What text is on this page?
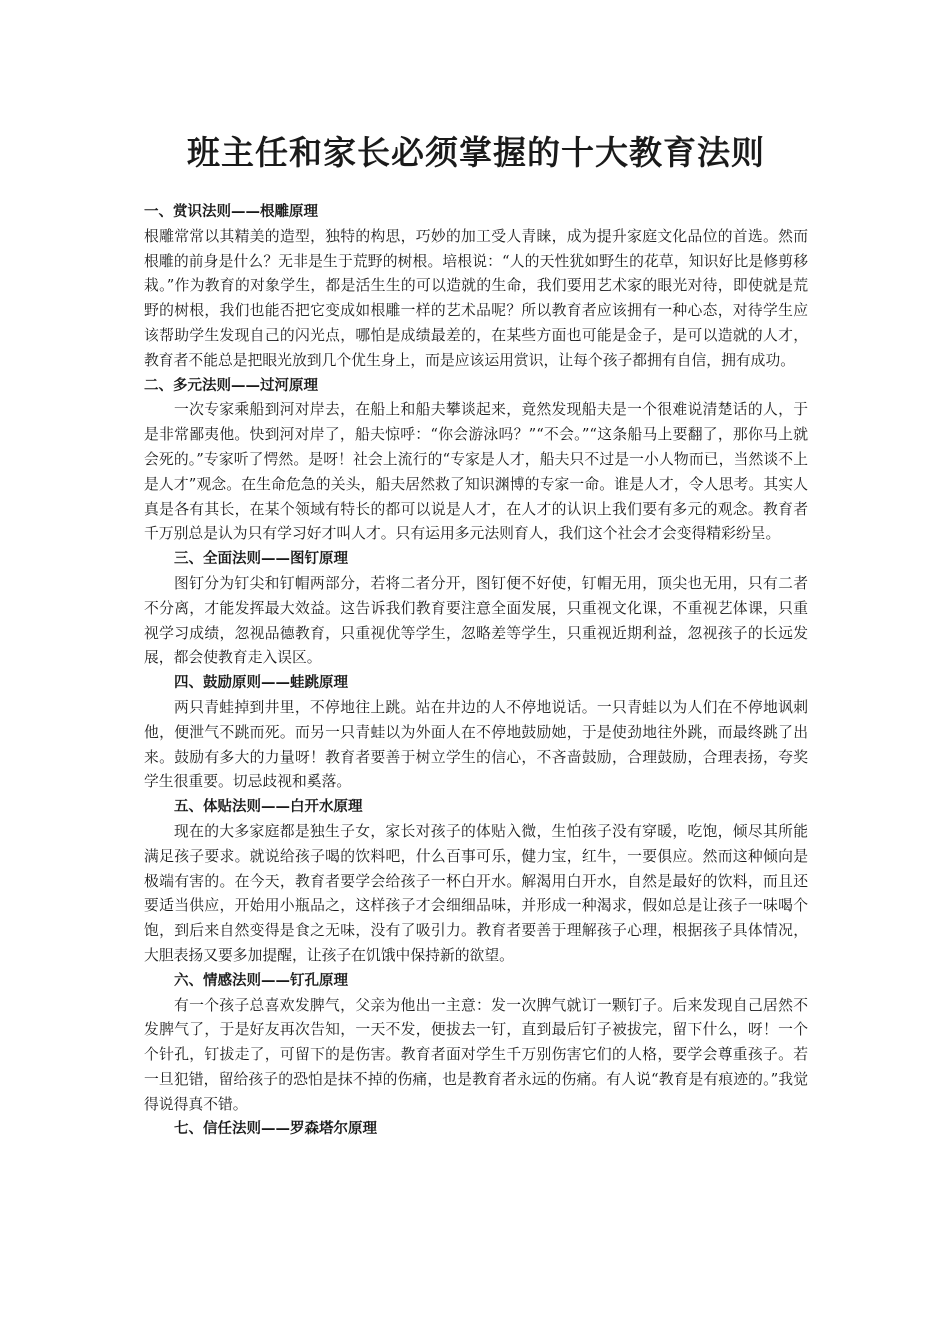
班主任和家长必须掌握的十大教育法则

一、赏识法则——根雕原理

根雕常常以其精美的造型，独特的构思，巧妙的加工受人青睐，成为提升家庭文化品位的首选。然而根雕的前身是什么？无非是生于荒野的树根。培根说：“人的天性犹如野生的花草，知识好比是修剪移栽。”作为教育的对象学生，都是活生生的可以造就的生命，我们要用艺术家的眼光对待，即使就是荒野的树根，我们也能否把它变成如根雕一样的艺术品呢？所以教育者应该拥有一种心态，对待学生应该帮助学生发现自己的闪光点，哪怕是成绩最差的，在某些方面也可能是金子，是可以造就的人才，教育者不能总是把眼光放到几个优生身上，而是应该运用赏识，让每个孩子都拥有自信，拥有成功。

二、多元法则——过河原理

一次专家乘船到河对岸去，在船上和船夫攀谈起来，竟然发现船夫是一个很难说清楚话的人，于是非常鄙夷他。快到河对岸了，船夫惊呼：“你会游泳吗？”“不会。”“这条船马上要翻了，那你马上就会死的。”专家听了愕然。是呀！社会上流行的“专家是人才，船夫只不过是一小人物而已，当然谈不上是人才”观念。在生命危急的关头，船夫居然救了知识渊博的专家一命。谁是人才，令人思考。其实人真是各有其长，在某个领域有特长的都可以说是人才，在人才的认识上我们要有多元的观念。教育者千万别总是认为只有学习好才叫人才。只有运用多元法则育人，我们这个社会才会变得精彩纷呈。

三、全面法则——图钉原理

图钉分为钉尖和钉帽两部分，若将二者分开，图钉便不好使，钉帽无用，顶尖也无用，只有二者不分离，才能发挥最大效益。这告诉我们教育要注意全面发展，只重视文化课，不重视艺体课，只重视学习成绩，忽视品德教育，只重视优等学生，忽略差等学生，只重视近期利益，忽视孩子的长远发展，都会使教育走入误区。

四、鼓励原则——蛙跳原理

两只青蛙掉到井里，不停地往上跳。站在井边的人不停地说话。一只青蛙以为人们在不停地讽刺他，便泄气不跳而死。而另一只青蛙以为外面人在不停地鼓励她，于是使劲地往外跳，而最终跳了出来。鼓励有多大的力量呀！教育者要善于树立学生的信心，不吝啬鼓励，合理鼓励，合理表扬，夸奖学生很重要。切忌歧视和奚落。

五、体贴法则——白开水原理

现在的大多家庭都是独生子女，家长对孩子的体贴入微，生怕孩子没有穿暖，吃饱，倾尽其所能满足孩子要求。就说给孩子喝的饮料吧，什么百事可乐，健力宝，红牛，一要俱应。然而这种倾向是极端有害的。在今天，教育者要学会给孩子一杯白开水。解渴用白开水，自然是最好的饮料，而且还要适当供应，开始用小瓶品之，这样孩子才会细细品味，并形成一种渴求，假如总是让孩子一味喝个饱，到后来自然变得是食之无味，没有了吸引力。教育者要善于理解孩子心理，根据孩子具体情况，大胆表扬又要多加提醒，让孩子在饥饿中保持新的欲望。

六、情感法则——钉孔原理

有一个孩子总喜欢发脾气，父亲为他出一主意：发一次脾气就订一颗钉子。后来发现自己居然不发脾气了，于是好友再次告知，一天不发，便拔去一钉，直到最后钉子被拔完，留下什么，呀！一个个针孔，钉拔走了，可留下的是伤害。教育者面对学生千万别伤害它们的人格，要学会尊重孩子。若一旦犯错，留给孩子的恐怕是抹不掉的伤痛，也是教育者永远的伤痛。有人说“教育是有痕迹的。”我觉得说得真不错。

七、信任法则——罗森塔尔原理
